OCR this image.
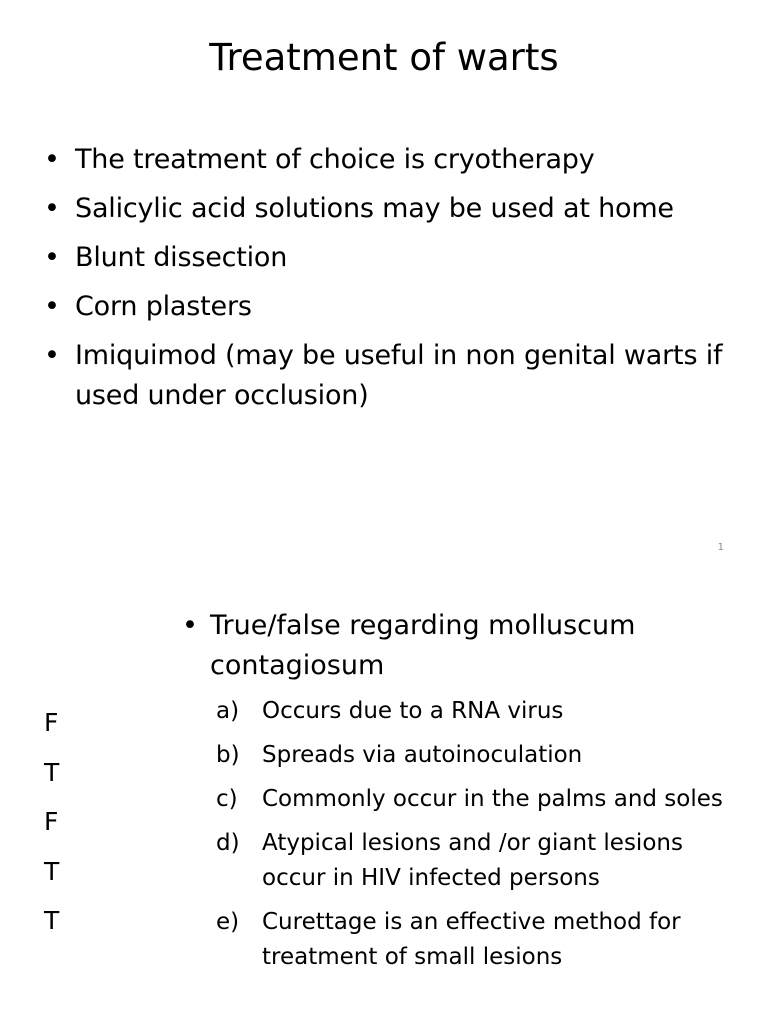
Treatment of warts
• The treatment of choice is cryotherapy
• Salicylic acid solutions may be used at home
• Blunt dissection
• Corn plasters
• Imiquimod (may be useful in non genital warts if used under occlusion)
1

• True/false regarding molluscum contagiosum

F
T
F
T
T
a) Occurs due to a RNA virus
b) Spreads via autoinoculation
c) Commonly occur in the palms and soles
d) Atypical lesions and /or giant lesions occur in HIV infected persons
e) Curettage is an effective method for treatment of small lesions
